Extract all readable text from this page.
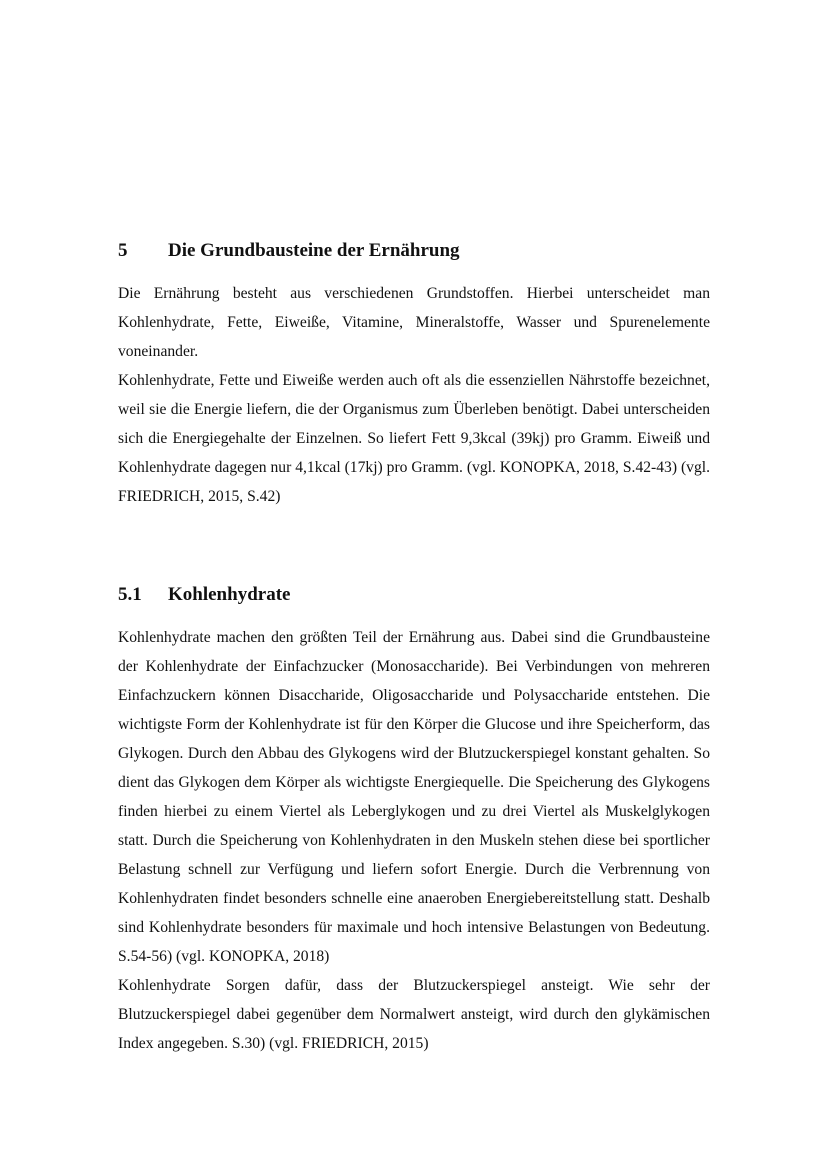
5	Die Grundbausteine der Ernährung

Die Ernährung besteht aus verschiedenen Grundstoffen. Hierbei unterscheidet man Kohlenhydrate, Fette, Eiweiße, Vitamine, Mineralstoffe, Wasser und Spurenelemente voneinander.

Kohlenhydrate, Fette und Eiweiße werden auch oft als die essenziellen Nährstoffe bezeichnet, weil sie die Energie liefern, die der Organismus zum Überleben benötigt. Dabei unterscheiden sich die Energiegehalte der Einzelnen. So liefert Fett 9,3kcal (39kj) pro Gramm. Eiweiß und Kohlenhydrate dagegen nur 4,1kcal (17kj) pro Gramm. (vgl. KONOPKA, 2018, S.42-43) (vgl. FRIEDRICH, 2015, S.42)

5.1	Kohlenhydrate

Kohlenhydrate machen den größten Teil der Ernährung aus. Dabei sind die Grundbausteine der Kohlenhydrate der Einfachzucker (Monosaccharide). Bei Verbindungen von mehreren Einfachzuckern können Disaccharide, Oligosaccharide und Polysaccharide entstehen. Die wichtigste Form der Kohlenhydrate ist für den Körper die Glucose und ihre Speicherform, das Glykogen. Durch den Abbau des Glykogens wird der Blutzuckerspiegel konstant gehalten. So dient das Glykogen dem Körper als wichtigste Energiequelle. Die Speicherung des Glykogens finden hierbei zu einem Viertel als Leberglykogen und zu drei Viertel als Muskelglykogen statt. Durch die Speicherung von Kohlenhydraten in den Muskeln stehen diese bei sportlicher Belastung schnell zur Verfügung und liefern sofort Energie. Durch die Verbrennung von Kohlenhydraten findet besonders schnelle eine anaeroben Energiebereitstellung statt. Deshalb sind Kohlenhydrate besonders für maximale und hoch intensive Belastungen von Bedeutung. S.54-56) (vgl. KONOPKA, 2018)

Kohlenhydrate Sorgen dafür, dass der Blutzuckerspiegel ansteigt. Wie sehr der Blutzuckerspiegel dabei gegenüber dem Normalwert ansteigt, wird durch den glykämischen Index angegeben. S.30) (vgl. FRIEDRICH, 2015)
